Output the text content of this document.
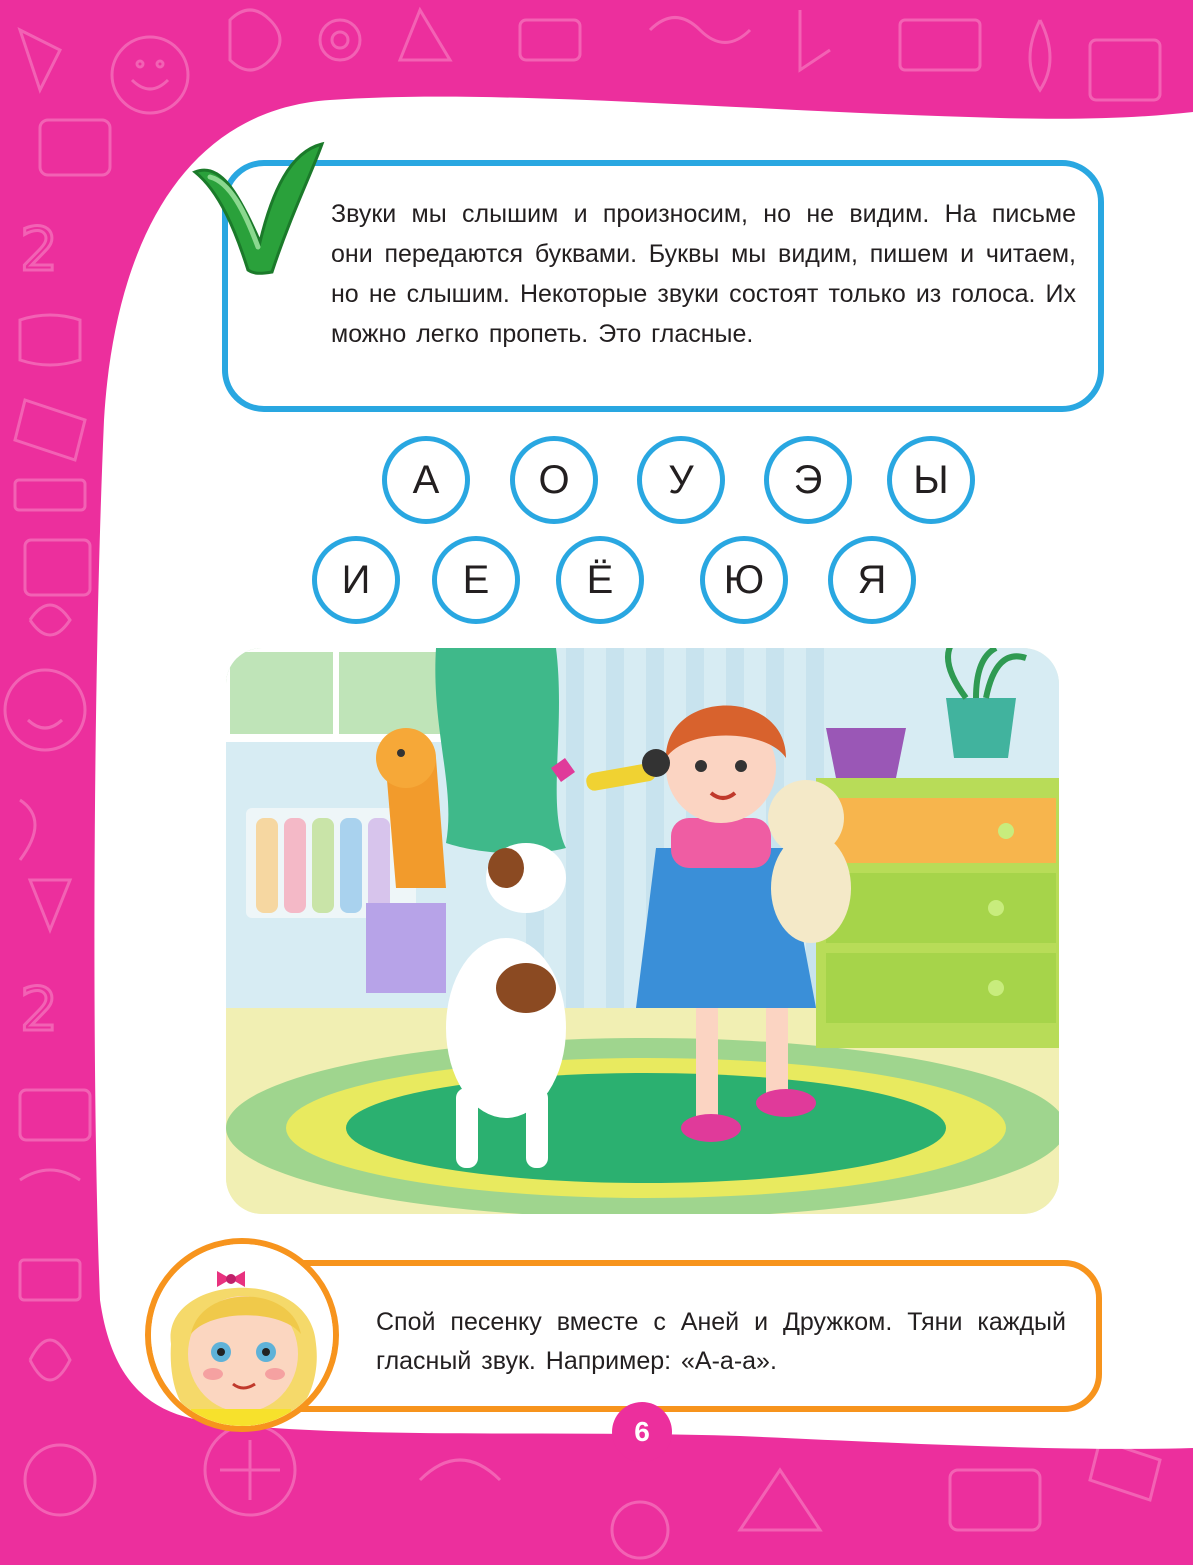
2
2
Звуки мы слышим и произносим, но не видим. На письме они передаются буквами. Буквы мы видим, пишем и читаем, но не слышим. Некоторые звуки состоят только из голоса. Их можно легко пропеть. Это гласные.
А	О	У	Э	Ы
И	Е	Ё	Ю	Я
Спой песенку вместе с Аней и Дружком. Тяни каждый гласный звук. Например: «А-а-а».
6
